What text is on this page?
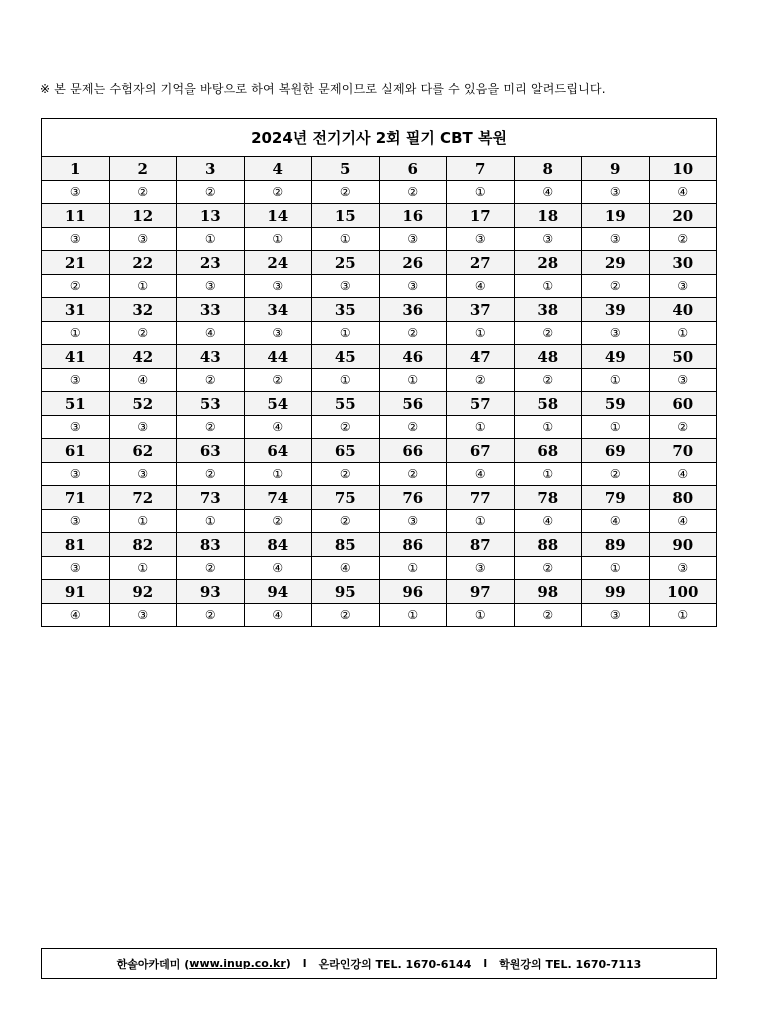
※ 본 문제는 수험자의 기억을 바탕으로 하여 복원한 문제이므로 실제와 다를 수 있음을 미리 알려드립니다.
2024년 전기기사 2회 필기 CBT 복원									
1	2	3	4	5	6	7	8	9	10
③	②	②	②	②	②	①	④	③	④
11	12	13	14	15	16	17	18	19	20
③	③	①	①	①	③	③	③	③	②
21	22	23	24	25	26	27	28	29	30
②	①	③	③	③	③	④	①	②	③
31	32	33	34	35	36	37	38	39	40
①	②	④	③	①	②	①	②	③	①
41	42	43	44	45	46	47	48	49	50
③	④	②	②	①	①	②	②	①	③
51	52	53	54	55	56	57	58	59	60
③	③	②	④	②	②	①	①	①	②
61	62	63	64	65	66	67	68	69	70
③	③	②	①	②	②	④	①	②	④
71	72	73	74	75	76	77	78	79	80
③	①	①	②	②	③	①	④	④	④
81	82	83	84	85	86	87	88	89	90
③	①	②	④	④	①	③	②	①	③
91	92	93	94	95	96	97	98	99	100
④	③	②	④	②	①	①	②	③	①
한솔아카데미 ( www.inup.co.kr ) l 온라인강의 TEL. 1670-6144 l 학원강의 TEL. 1670-7113
